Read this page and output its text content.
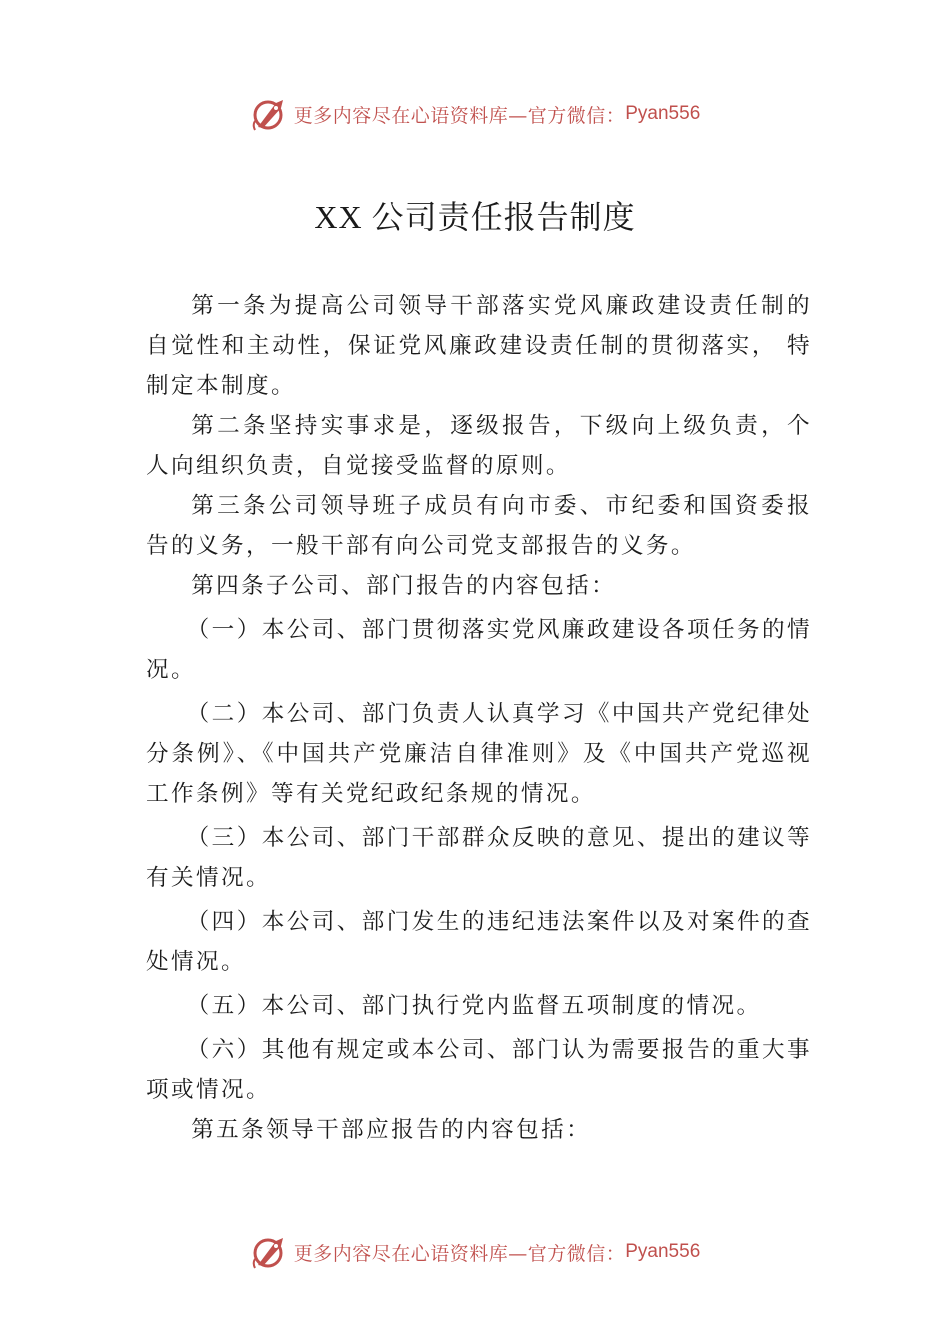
更多内容尽在心语资料库—官方微信： Pyan556
XX 公司责任报告制度

第一条为提高公司领导干部落实党风廉政建设责任制的自觉性和主动性，保证党风廉政建设责任制的贯彻落实， 特制定本制度。

第二条坚持实事求是，逐级报告，下级向上级负责，个人向组织负责，自觉接受监督的原则。

第三条公司领导班子成员有向市委、市纪委和国资委报告的义务，一般干部有向公司党支部报告的义务。

第四条子公司、部门报告的内容包括：

（一）本公司、部门贯彻落实党风廉政建设各项任务的情况。

（二）本公司、部门负责人认真学习《中国共产党纪律处分条例》、《中国共产党廉洁自律准则》及《中国共产党巡视工作条例》等有关党纪政纪条规的情况。

（三）本公司、部门干部群众反映的意见、提出的建议等有关情况。

（四）本公司、部门发生的违纪违法案件以及对案件的查处情况。

（五）本公司、部门执行党内监督五项制度的情况。

（六）其他有规定或本公司、部门认为需要报告的重大事项或情况。

第五条领导干部应报告的内容包括：

更多内容尽在心语资料库—官方微信： Pyan556
